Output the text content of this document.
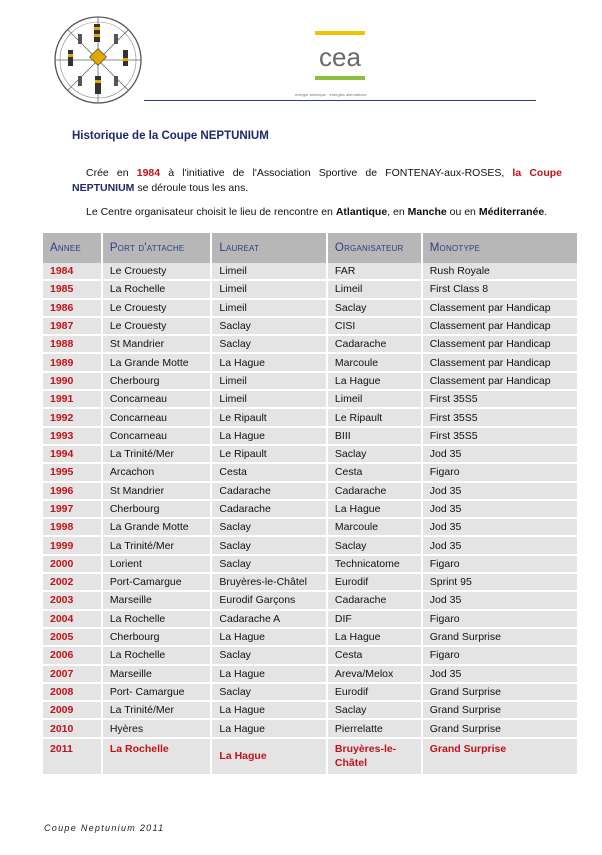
cea
énergie atomique · énergies alternatives
Historique de la Coupe NEPTUNIUM
Crée en 1984 à l'initiative de l'Association Sportive de FONTENAY-aux-ROSES, la Coupe NEPTUNIUM se déroule tous les ans.
Le Centre organisateur choisit le lieu de rencontre en Atlantique, en Manche ou en Méditerranée.
Annee	Port d'attache	Laureat	Organisateur	Monotype
1984	Le Crouesty	Limeil	FAR	Rush Royale
1985	La Rochelle	Limeil	Limeil	First Class 8
1986	Le Crouesty	Limeil	Saclay	Classement par Handicap
1987	Le Crouesty	Saclay	CISI	Classement par Handicap
1988	St Mandrier	Saclay	Cadarache	Classement par Handicap
1989	La Grande Motte	La Hague	Marcoule	Classement par Handicap
1990	Cherbourg	Limeil	La Hague	Classement par Handicap
1991	Concarneau	Limeil	Limeil	First 35S5
1992	Concarneau	Le Ripault	Le Ripault	First 35S5
1993	Concarneau	La Hague	BIII	First 35S5
1994	La Trinité/Mer	Le Ripault	Saclay	Jod 35
1995	Arcachon	Cesta	Cesta	Figaro
1996	St Mandrier	Cadarache	Cadarache	Jod 35
1997	Cherbourg	Cadarache	La Hague	Jod 35
1998	La Grande Motte	Saclay	Marcoule	Jod 35
1999	La Trinité/Mer	Saclay	Saclay	Jod 35
2000	Lorient	Saclay	Technicatome	Figaro
2002	Port-Camargue	Bruyères-le-Châtel	Eurodif	Sprint 95
2003	Marseille	Eurodif Garçons	Cadarache	Jod 35
2004	La Rochelle	Cadarache A	DIF	Figaro
2005	Cherbourg	La Hague	La Hague	Grand Surprise
2006	La Rochelle	Saclay	Cesta	Figaro
2007	Marseille	La Hague	Areva/Melox	Jod 35
2008	Port- Camargue	Saclay	Eurodif	Grand Surprise
2009	La Trinité/Mer	La Hague	Saclay	Grand Surprise
2010	Hyères	La Hague	Pierrelatte	Grand Surprise
2011	La Rochelle	La Hague	Bruyères-le-Châtel	Grand Surprise
Coupe Neptunium 2011
